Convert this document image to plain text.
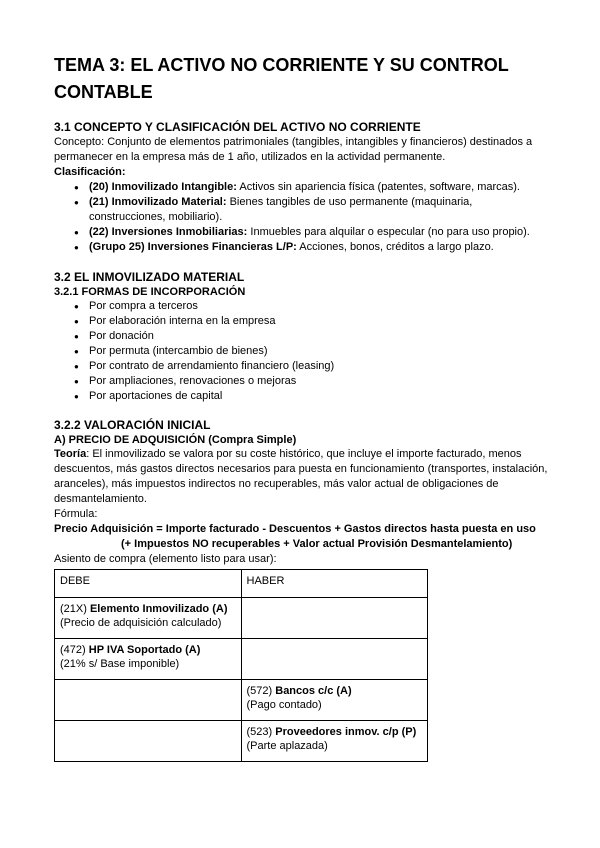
TEMA 3: EL ACTIVO NO CORRIENTE Y SU CONTROL CONTABLE
3.1 CONCEPTO Y CLASIFICACIÓN DEL ACTIVO NO CORRIENTE

Concepto: Conjunto de elementos patrimoniales (tangibles, intangibles y financieros) destinados a permanecer en la empresa más de 1 año, utilizados en la actividad permanente.

Clasificación:

● (20) Inmovilizado Intangible: Activos sin apariencia física (patentes, software, marcas).
● (21) Inmovilizado Material: Bienes tangibles de uso permanente (maquinaria, construcciones, mobiliario).
● (22) Inversiones Inmobiliarias: Inmuebles para alquilar o especular (no para uso propio).
● (Grupo 25) Inversiones Financieras L/P: Acciones, bonos, créditos a largo plazo.
3.2 EL INMOVILIZADO MATERIAL
3.2.1 FORMAS DE INCORPORACIÓN
● Por compra a terceros
● Por elaboración interna en la empresa
● Por donación
● Por permuta (intercambio de bienes)
● Por contrato de arrendamiento financiero (leasing)
● Por ampliaciones, renovaciones o mejoras
● Por aportaciones de capital
3.2.2 VALORACIÓN INICIAL
A) PRECIO DE ADQUISICIÓN (Compra Simple)

Teoría: El inmovilizado se valora por su coste histórico, que incluye el importe facturado, menos descuentos, más gastos directos necesarios para puesta en funcionamiento (transportes, instalación, aranceles), más impuestos indirectos no recuperables, más valor actual de obligaciones de desmantelamiento.

Fórmula:

Precio Adquisición = Importe facturado - Descuentos + Gastos directos hasta puesta en uso
(+ Impuestos NO recuperables + Valor actual Provisión Desmantelamiento)

Asiento de compra (elemento listo para usar):

DEBE	HABER
(21X) Elemento Inmovilizado (A)
(Precio de adquisición calculado)	
(472) HP IVA Soportado (A)
(21% s/ Base imponible)	
	(572) Bancos c/c (A)
(Pago contado)
	(523) Proveedores inmov. c/p (P)
(Parte aplazada)
